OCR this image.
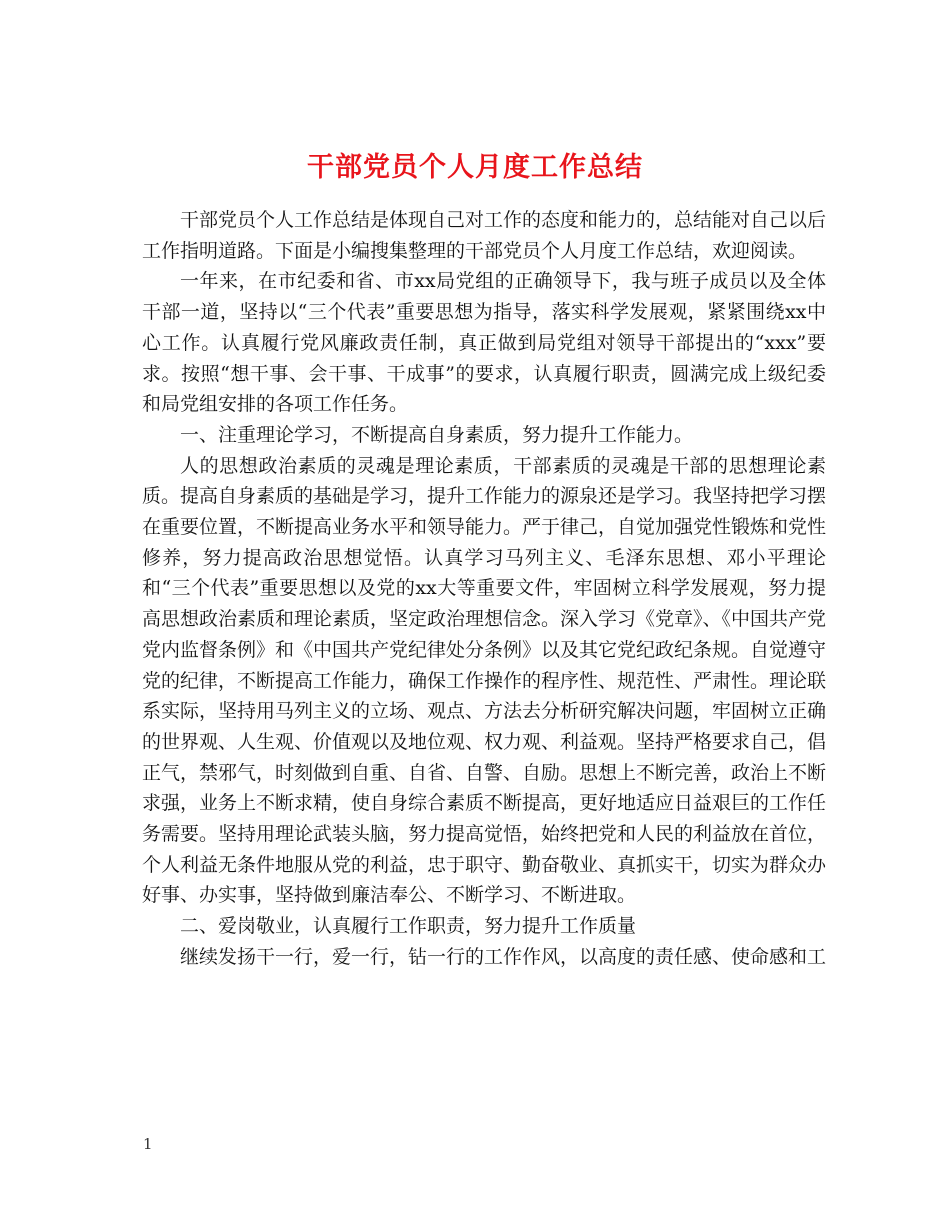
干部党员个人月度工作总结

干部党员个人工作总结是体现自己对工作的态度和能力的，总结能对自己以后工作指明道路。下面是小编搜集整理的干部党员个人月度工作总结，欢迎阅读。

一年来，在市纪委和省、市xx局党组的正确领导下，我与班子成员以及全体干部一道，坚持以“三个代表”重要思想为指导，落实科学发展观，紧紧围绕xx中心工作。认真履行党风廉政责任制，真正做到局党组对领导干部提出的“xxx”要求。按照“想干事、会干事、干成事”的要求，认真履行职责，圆满完成上级纪委和局党组安排的各项工作任务。

一、注重理论学习，不断提高自身素质，努力提升工作能力。

人的思想政治素质的灵魂是理论素质，干部素质的灵魂是干部的思想理论素质。提高自身素质的基础是学习，提升工作能力的源泉还是学习。我坚持把学习摆在重要位置，不断提高业务水平和领导能力。严于律己，自觉加强党性锻炼和党性修养，努力提高政治思想觉悟。认真学习马列主义、毛泽东思想、邓小平理论和“三个代表”重要思想以及党的xx大等重要文件，牢固树立科学发展观，努力提高思想政治素质和理论素质，坚定政治理想信念。深入学习《党章》、《中国共产党党内监督条例》和《中国共产党纪律处分条例》以及其它党纪政纪条规。自觉遵守党的纪律，不断提高工作能力，确保工作操作的程序性、规范性、严肃性。理论联系实际，坚持用马列主义的立场、观点、方法去分析研究解决问题，牢固树立正确的世界观、人生观、价值观以及地位观、权力观、利益观。坚持严格要求自己，倡正气，禁邪气，时刻做到自重、自省、自警、自励。思想上不断完善，政治上不断求强，业务上不断求精，使自身综合素质不断提高，更好地适应日益艰巨的工作任务需要。坚持用理论武装头脑，努力提高觉悟，始终把党和人民的利益放在首位，个人利益无条件地服从党的利益，忠于职守、勤奋敬业、真抓实干，切实为群众办好事、办实事，坚持做到廉洁奉公、不断学习、不断进取。

二、爱岗敬业，认真履行工作职责，努力提升工作质量

继续发扬干一行，爱一行，钻一行的工作作风，以高度的责任感、使命感和工

1
